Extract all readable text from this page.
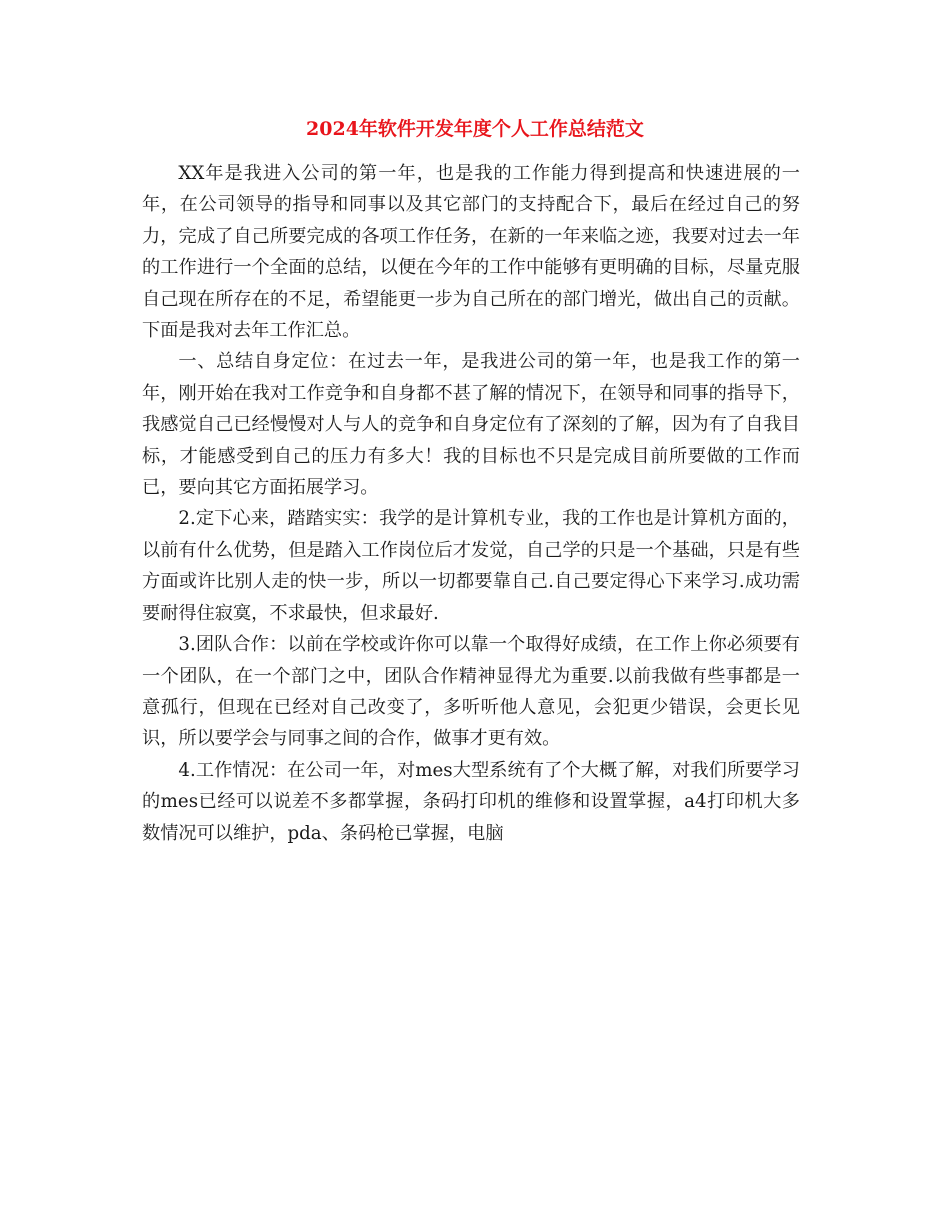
2024年软件开发年度个人工作总结范文

XX年是我进入公司的第一年，也是我的工作能力得到提高和快速进展的一年，在公司领导的指导和同事以及其它部门的支持配合下，最后在经过自己的努力，完成了自己所要完成的各项工作任务，在新的一年来临之迹，我要对过去一年的工作进行一个全面的总结，以便在今年的工作中能够有更明确的目标，尽量克服自己现在所存在的不足，希望能更一步为自己所在的部门增光，做出自己的贡献。下面是我对去年工作汇总。

一、总结自身定位：在过去一年，是我进公司的第一年，也是我工作的第一年，刚开始在我对工作竞争和自身都不甚了解的情况下，在领导和同事的指导下，我感觉自己已经慢慢对人与人的竞争和自身定位有了深刻的了解，因为有了自我目标，才能感受到自己的压力有多大！我的目标也不只是完成目前所要做的工作而已，要向其它方面拓展学习。

2.定下心来，踏踏实实：我学的是计算机专业，我的工作也是计算机方面的，以前有什么优势，但是踏入工作岗位后才发觉，自己学的只是一个基础，只是有些方面或许比别人走的快一步，所以一切都要靠自己.自己要定得心下来学习.成功需要耐得住寂寞，不求最快，但求最好.

3.团队合作：以前在学校或许你可以靠一个取得好成绩，在工作上你必须要有一个团队，在一个部门之中，团队合作精神显得尤为重要.以前我做有些事都是一意孤行，但现在已经对自己改变了，多听听他人意见，会犯更少错误，会更长见识，所以要学会与同事之间的合作，做事才更有效。

4.工作情况：在公司一年，对mes大型系统有了个大概了解，对我们所要学习的mes已经可以说差不多都掌握，条码打印机的维修和设置掌握，a4打印机大多数情况可以维护，pda、条码枪已掌握，电脑
